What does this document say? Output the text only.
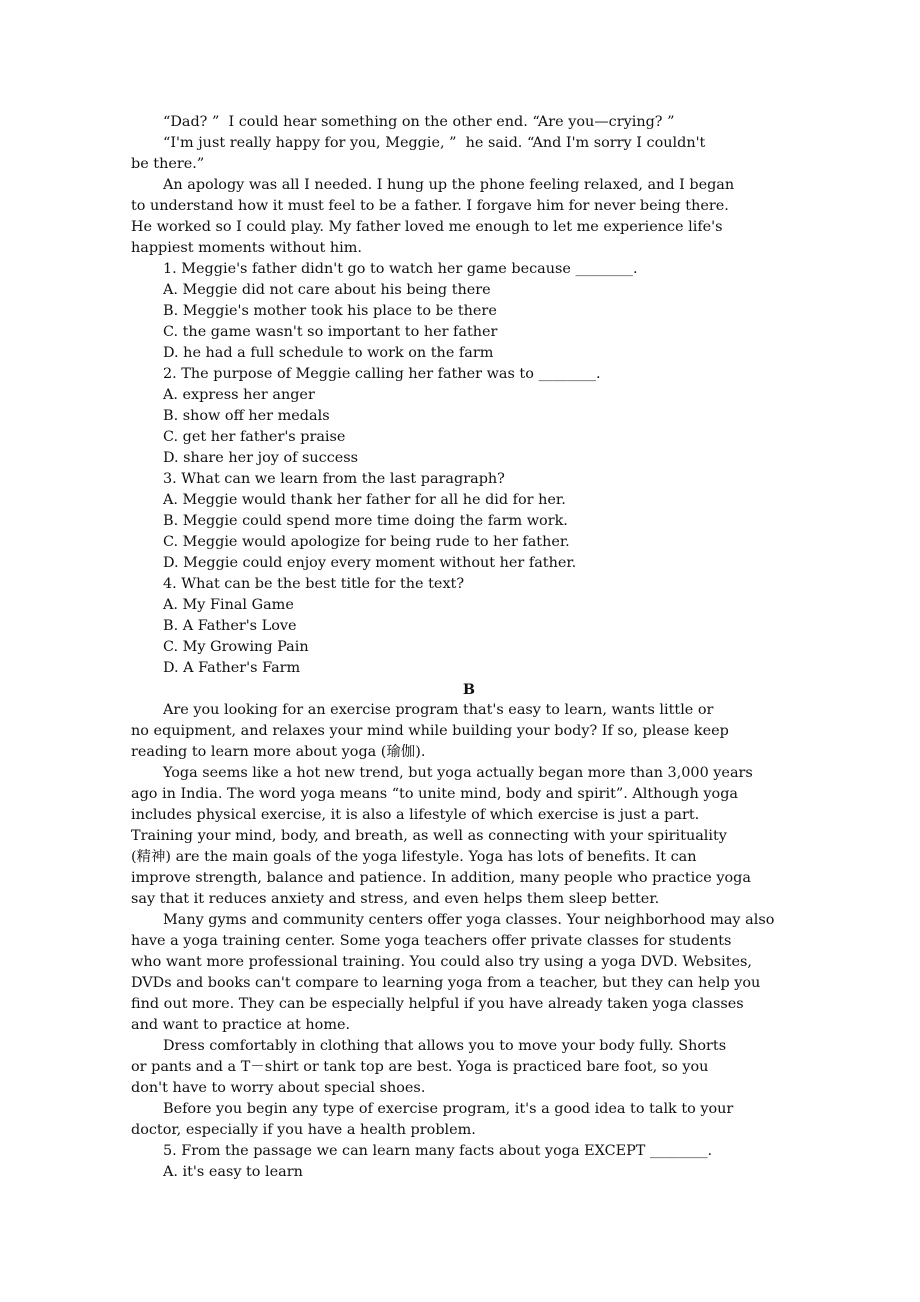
“Dad? ”  I could hear something on the other end. “Are you—crying? ”
“I'm just really happy for you, Meggie, ”  he said. “And I'm sorry I couldn't
be there.”
An apology was all I needed. I hung up the phone feeling relaxed, and I began
to understand how it must feel to be a father. I forgave him for never being there.
He worked so I could play. My father loved me enough to let me experience life's
happiest moments without him.
1. Meggie's father didn't go to watch her game because ________.
A. Meggie did not care about his being there
B. Meggie's mother took his place to be there
C. the game wasn't so important to her father
D. he had a full schedule to work on the farm
2. The purpose of Meggie calling her father was to ________.
A. express her anger
B. show off her medals
C. get her father's praise
D. share her joy of success
3. What can we learn from the last paragraph?
A. Meggie would thank her father for all he did for her.
B. Meggie could spend more time doing the farm work.
C. Meggie would apologize for being rude to her father.
D. Meggie could enjoy every moment without her father.
4. What can be the best title for the text?
A. My Final Game
B. A Father's Love
C. My Growing Pain
D. A Father's Farm
B
Are you looking for an exercise program that's easy to learn, wants little or
no equipment, and relaxes your mind while building your body? If so, please keep
reading to learn more about yoga (瑜伽).
Yoga seems like a hot new trend, but yoga actually began more than 3,000 years
ago in India. The word yoga means “to unite mind, body and spirit”. Although yoga
includes physical exercise, it is also a lifestyle of which exercise is just a part.
Training your mind, body, and breath, as well as connecting with your spirituality
(精神) are the main goals of the yoga lifestyle. Yoga has lots of benefits. It can
improve strength, balance and patience. In addition, many people who practice yoga
say that it reduces anxiety and stress, and even helps them sleep better.
Many gyms and community centers offer yoga classes. Your neighborhood may also
have a yoga training center. Some yoga teachers offer private classes for students
who want more professional training. You could also try using a yoga DVD. Websites,
DVDs and books can't compare to learning yoga from a teacher, but they can help you
find out more. They can be especially helpful if you have already taken yoga classes
and want to practice at home.
Dress comfortably in clothing that allows you to move your body fully. Shorts
or pants and a T－shirt or tank top are best. Yoga is practiced bare foot, so you
don't have to worry about special shoes.
Before you begin any type of exercise program, it's a good idea to talk to your
doctor, especially if you have a health problem.
5. From the passage we can learn many facts about yoga EXCEPT ________.
A. it's easy to learn
